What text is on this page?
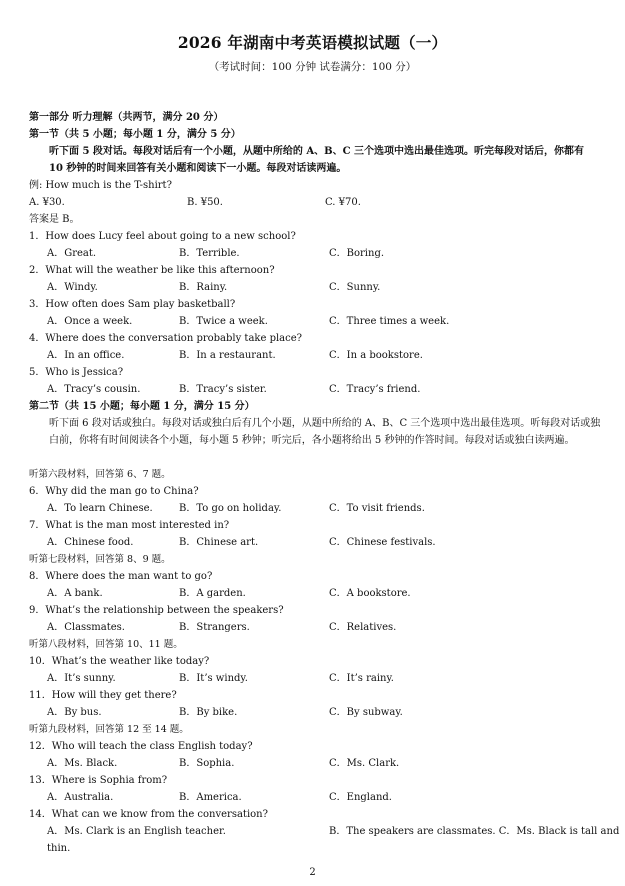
2026 年湖南中考英语模拟试题（一）
（考试时间：100 分钟 试卷满分：100 分）
第一部分 听力理解（共两节，满分 20 分）
第一节（共 5 小题；每小题 1 分，满分 5 分）
听下面 5 段对话。每段对话后有一个小题，从题中所给的 A、B、C 三个选项中选出最佳选项。听完每段对话后，你都有 10 秒钟的时间来回答有关小题和阅读下一小题。每段对话读两遍。
例: How much is the T-shirt?
A. ¥30.	B. ¥50.	C. ¥70.
答案是 B。
1．How does Lucy feel about going to a new school?
A．Great.	B．Terrible.	C．Boring.
2．What will the weather be like this afternoon?
A．Windy.	B．Rainy.	C．Sunny.
3．How often does Sam play basketball?
A．Once a week.	B．Twice a week.	C．Three times a week.
4．Where does the conversation probably take place?
A．In an office.	B．In a restaurant.	C．In a bookstore.
5．Who is Jessica?
A．Tracy’s cousin.	B．Tracy’s sister.	C．Tracy’s friend.
第二节（共 15 小题；每小题 1 分，满分 15 分）
听下面 6 段对话或独白。每段对话或独白后有几个小题，从题中所给的 A、B、C 三个选项中选出最佳选项。听每段对话或独白前，你将有时间阅读各个小题，每小题 5 秒钟；听完后，各小题将给出 5 秒钟的作答时间。每段对话或独白读两遍。
听第六段材料，回答第 6、7 题。
6．Why did the man go to China?
A．To learn Chinese.	B．To go on holiday.	C．To visit friends.
7．What is the man most interested in?
A．Chinese food.	B．Chinese art.	C．Chinese festivals.
听第七段材料，回答第 8、9 题。
8．Where does the man want to go?
A．A bank.	B．A garden.	C．A bookstore.
9．What’s the relationship between the speakers?
A．Classmates.	B．Strangers.	C．Relatives.
听第八段材料，回答第 10、11 题。
10．What’s the weather like today?
A．It’s sunny.	B．It’s windy.	C．It’s rainy.
11．How will they get there?
A．By bus.	B．By bike.	C．By subway.
听第九段材料，回答第 12 至 14 题。
12．Who will teach the class English today?
A．Ms. Black.	B．Sophia.	C．Ms. Clark.
13．Where is Sophia from?
A．Australia.	B．America.	C．England.
14．What can we know from the conversation?
A．Ms. Clark is an English teacher.	B．The speakers are classmates. C．Ms. Black is tall and
thin.
2
